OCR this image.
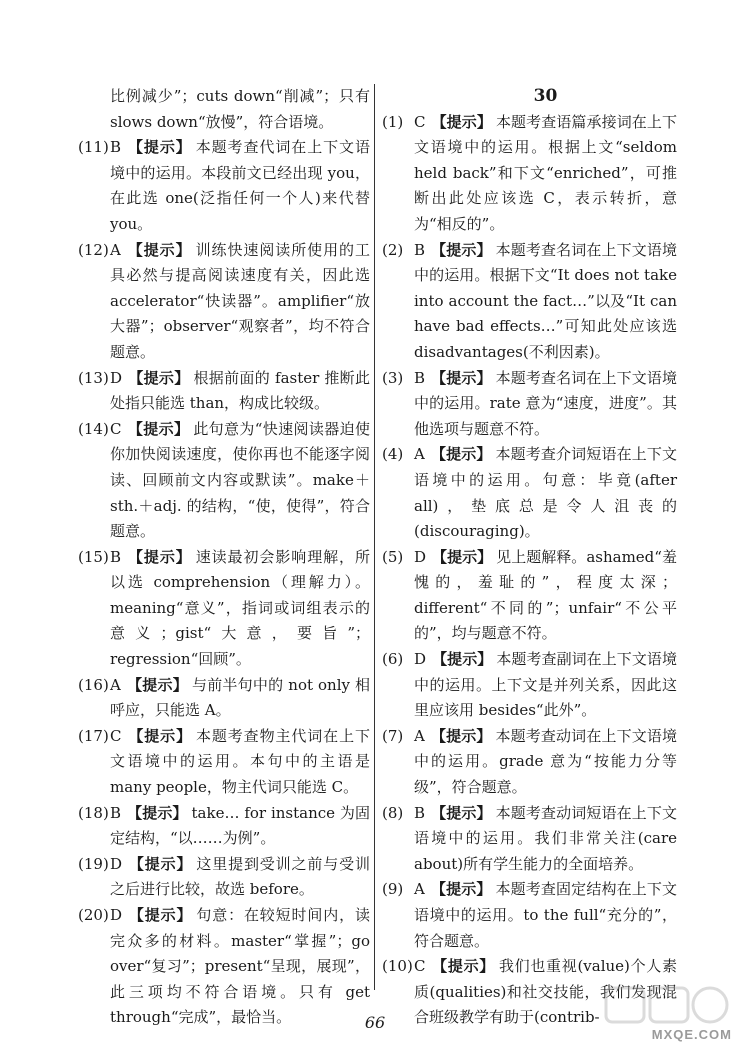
比例减少”；cuts down“削减”；只有 slows down“放慢”，符合语境。
(11) B 【提示】 本题考查代词在上下文语境中的运用。本段前文已经出现 you，在此选 one(泛指任何一个人)来代替 you。
(12) A 【提示】 训练快速阅读所使用的工具必然与提高阅读速度有关，因此选 accelerator“快读器”。amplifier“放大器”；observer“观察者”，均不符合题意。
(13) D 【提示】 根据前面的 faster 推断此处指只能选 than，构成比较级。
(14) C 【提示】 此句意为“快速阅读器迫使你加快阅读速度，使你再也不能逐字阅读、回顾前文内容或默读”。make＋sth.＋adj. 的结构，“使，使得”，符合题意。
(15) B 【提示】 速读最初会影响理解，所以选 comprehension（理解力）。meaning“意义”，指词或词组表示的意义；gist“大意，要旨”；regression“回顾”。
(16) A 【提示】 与前半句中的 not only 相呼应，只能选 A。
(17) C 【提示】 本题考查物主代词在上下文语境中的运用。本句中的主语是 many people，物主代词只能选 C。
(18) B 【提示】 take… for instance 为固定结构，“以……为例”。
(19) D 【提示】 这里提到受训之前与受训之后进行比较，故选 before。
(20) D 【提示】 句意：在较短时间内，读完众多的材料。master“掌握”；go over“复习”；present“呈现，展现”，此三项均不符合语境。只有 get through“完成”，最恰当。
30
(1) C 【提示】 本题考查语篇承接词在上下文语境中的运用。根据上文“seldom held back”和下文“enriched”，可推断出此处应该选 C，表示转折，意为“相反的”。
(2) B 【提示】 本题考查名词在上下文语境中的运用。根据下文“It does not take into account the fact…”以及“It can have bad effects…”可知此处应该选 disadvantages(不利因素)。
(3) B 【提示】 本题考查名词在上下文语境中的运用。rate 意为“速度，进度”。其他选项与题意不符。
(4) A 【提示】 本题考查介词短语在上下文语境中的运用。句意：毕竟(after all)，垫底总是令人沮丧的(discouraging)。
(5) D 【提示】 见上题解释。ashamed“羞愧的，羞耻的”，程度太深；different“不同的”；unfair“不公平的”，均与题意不符。
(6) D 【提示】 本题考查副词在上下文语境中的运用。上下文是并列关系，因此这里应该用 besides“此外”。
(7) A 【提示】 本题考查动词在上下文语境中的运用。grade 意为“按能力分等级”，符合题意。
(8) B 【提示】 本题考查动词短语在上下文语境中的运用。我们非常关注(care about)所有学生能力的全面培养。
(9) A 【提示】 本题考查固定结构在上下文语境中的运用。to the full“充分的”，符合题意。
(10) C 【提示】 我们也重视(value)个人素质(qualities)和社交技能，我们发现混合班级教学有助于(contrib-
66
MXQE.COM
